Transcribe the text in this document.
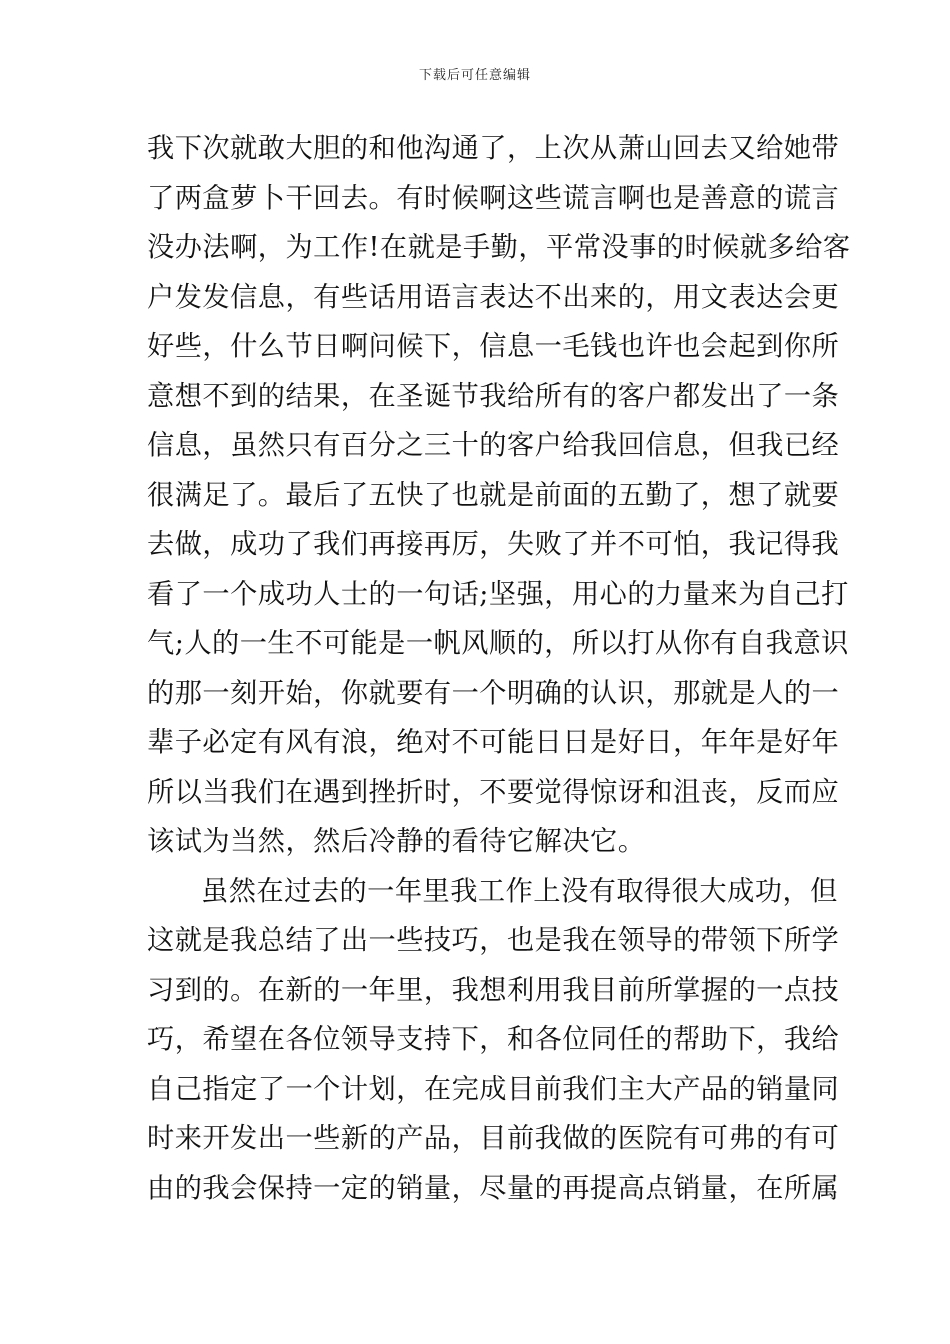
下载后可任意编辑
我下次就敢大胆的和他沟通了，上次从萧山回去又给她带
了两盒萝卜干回去。有时候啊这些谎言啊也是善意的谎言
没办法啊，为工作!在就是手勤，平常没事的时候就多给客
户发发信息，有些话用语言表达不出来的，用文表达会更
好些，什么节日啊问候下，信息一毛钱也许也会起到你所
意想不到的结果，在圣诞节我给所有的客户都发出了一条
信息，虽然只有百分之三十的客户给我回信息，但我已经
很满足了。最后了五快了也就是前面的五勤了，想了就要
去做，成功了我们再接再厉，失败了并不可怕，我记得我
看了一个成功人士的一句话;坚强，用心的力量来为自己打
气;人的一生不可能是一帆风顺的，所以打从你有自我意识
的那一刻开始，你就要有一个明确的认识，那就是人的一
辈子必定有风有浪，绝对不可能日日是好日，年年是好年
所以当我们在遇到挫折时，不要觉得惊讶和沮丧，反而应
该试为当然，然后冷静的看待它解决它。
虽然在过去的一年里我工作上没有取得很大成功，但
这就是我总结了出一些技巧，也是我在领导的带领下所学
习到的。在新的一年里，我想利用我目前所掌握的一点技
巧，希望在各位领导支持下，和各位同任的帮助下，我给
自己指定了一个计划，在完成目前我们主大产品的销量同
时来开发出一些新的产品，目前我做的医院有可弗的有可
由的我会保持一定的销量，尽量的再提高点销量，在所属
